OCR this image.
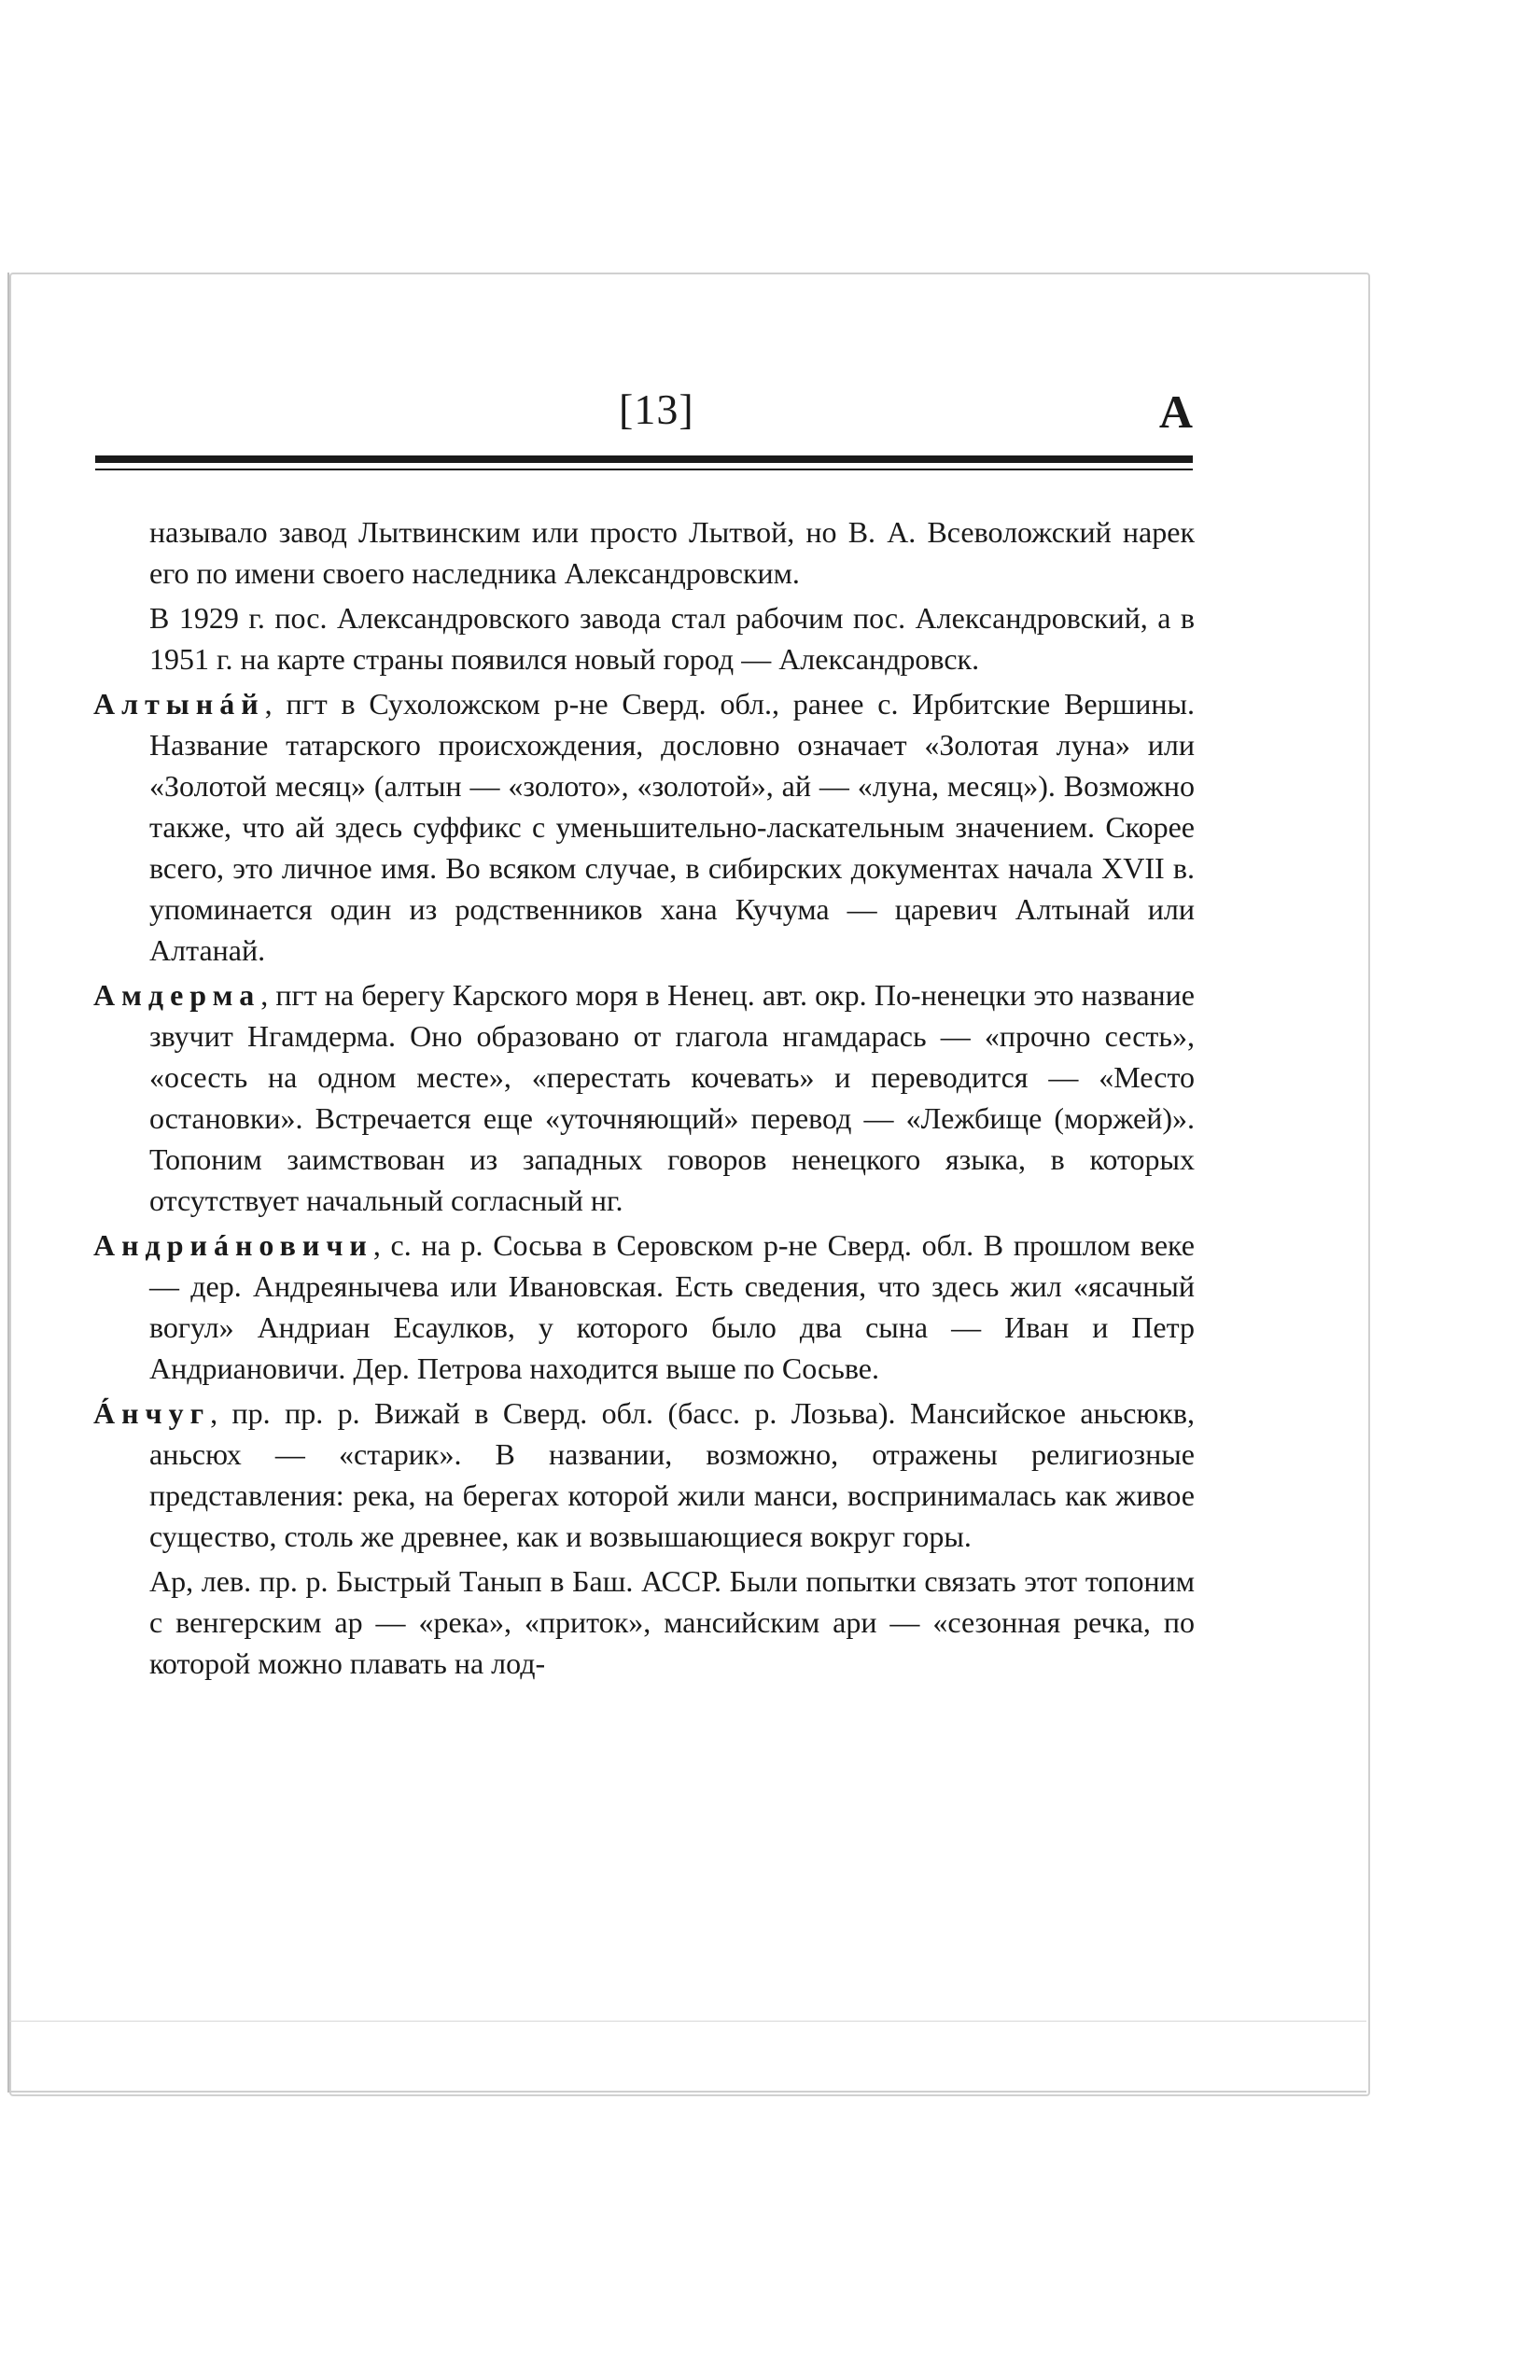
[13]	А

называло завод Лытвинским или просто Лытвой, но В. А. Всеволожский нарек его по имени своего наследника Александровским.

В 1929 г. пос. Александровского завода стал рабочим пос. Александровский, а в 1951 г. на карте страны появился новый город — Александровск.

Алтынáй, пгт в Сухоложском р-не Сверд. обл., ранее с. Ирбитские Вершины. Название татарского происхождения, дословно означает «Золотая луна» или «Золотой месяц» (алтын — «золото», «золотой», ай — «луна, месяц»). Возможно также, что ай здесь суффикс с уменьшительно-ласкательным значением. Скорее всего, это личное имя. Во всяком случае, в сибирских документах начала XVII в. упоминается один из родственников хана Кучума — царевич Алтынай или Алтанай.

Амдерма, пгт на берегу Карского моря в Ненец. авт. окр. По-ненецки это название звучит Нгамдерма. Оно образовано от глагола нгамдарась — «прочно сесть», «осесть на одном месте», «перестать кочевать» и переводится — «Место остановки». Встречается еще «уточняющий» перевод — «Лежбище (моржей)». Топоним заимствован из западных говоров ненецкого языка, в которых отсутствует начальный согласный нг.

Андриáновичи, с. на р. Сосьва в Серовском р-не Сверд. обл. В прошлом веке — дер. Андреянычева или Ивановская. Есть сведения, что здесь жил «ясачный вогул» Андриан Есаулков, у которого было два сына — Иван и Петр Андриановичи. Дер. Петрова находится выше по Сосьве.

Áнчуг, пр. пр. р. Вижай в Сверд. обл. (басс. р. Лозьва). Мансийское аньсюкв, аньсюх — «старик». В названии, возможно, отражены религиозные представления: река, на берегах которой жили манси, воспринималась как живое существо, столь же древнее, как и возвышающиеся вокруг горы.

Ар, лев. пр. р. Быстрый Танып в Баш. АССР. Были попытки связать этот топоним с венгерским ар — «река», «приток», мансийским ари — «сезонная речка, по которой можно плавать на лод-
